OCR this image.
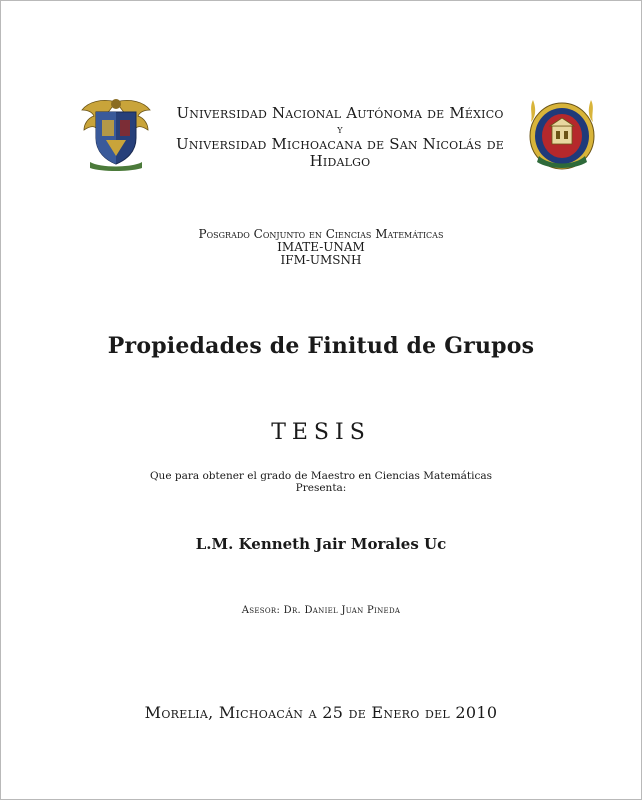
Universidad Nacional Autónoma de México
y
Universidad Michoacana de San Nicolás de Hidalgo
Posgrado Conjunto en Ciencias Matemáticas
IMATE-UNAM
IFM-UMSNH
Propiedades de Finitud de Grupos
TESIS
Que para obtener el grado de Maestro en Ciencias Matemáticas
Presenta:
L.M. Kenneth Jair Morales Uc
Asesor: Dr. Daniel Juan Pineda
Morelia, Michoacán a 25 de Enero del 2010
